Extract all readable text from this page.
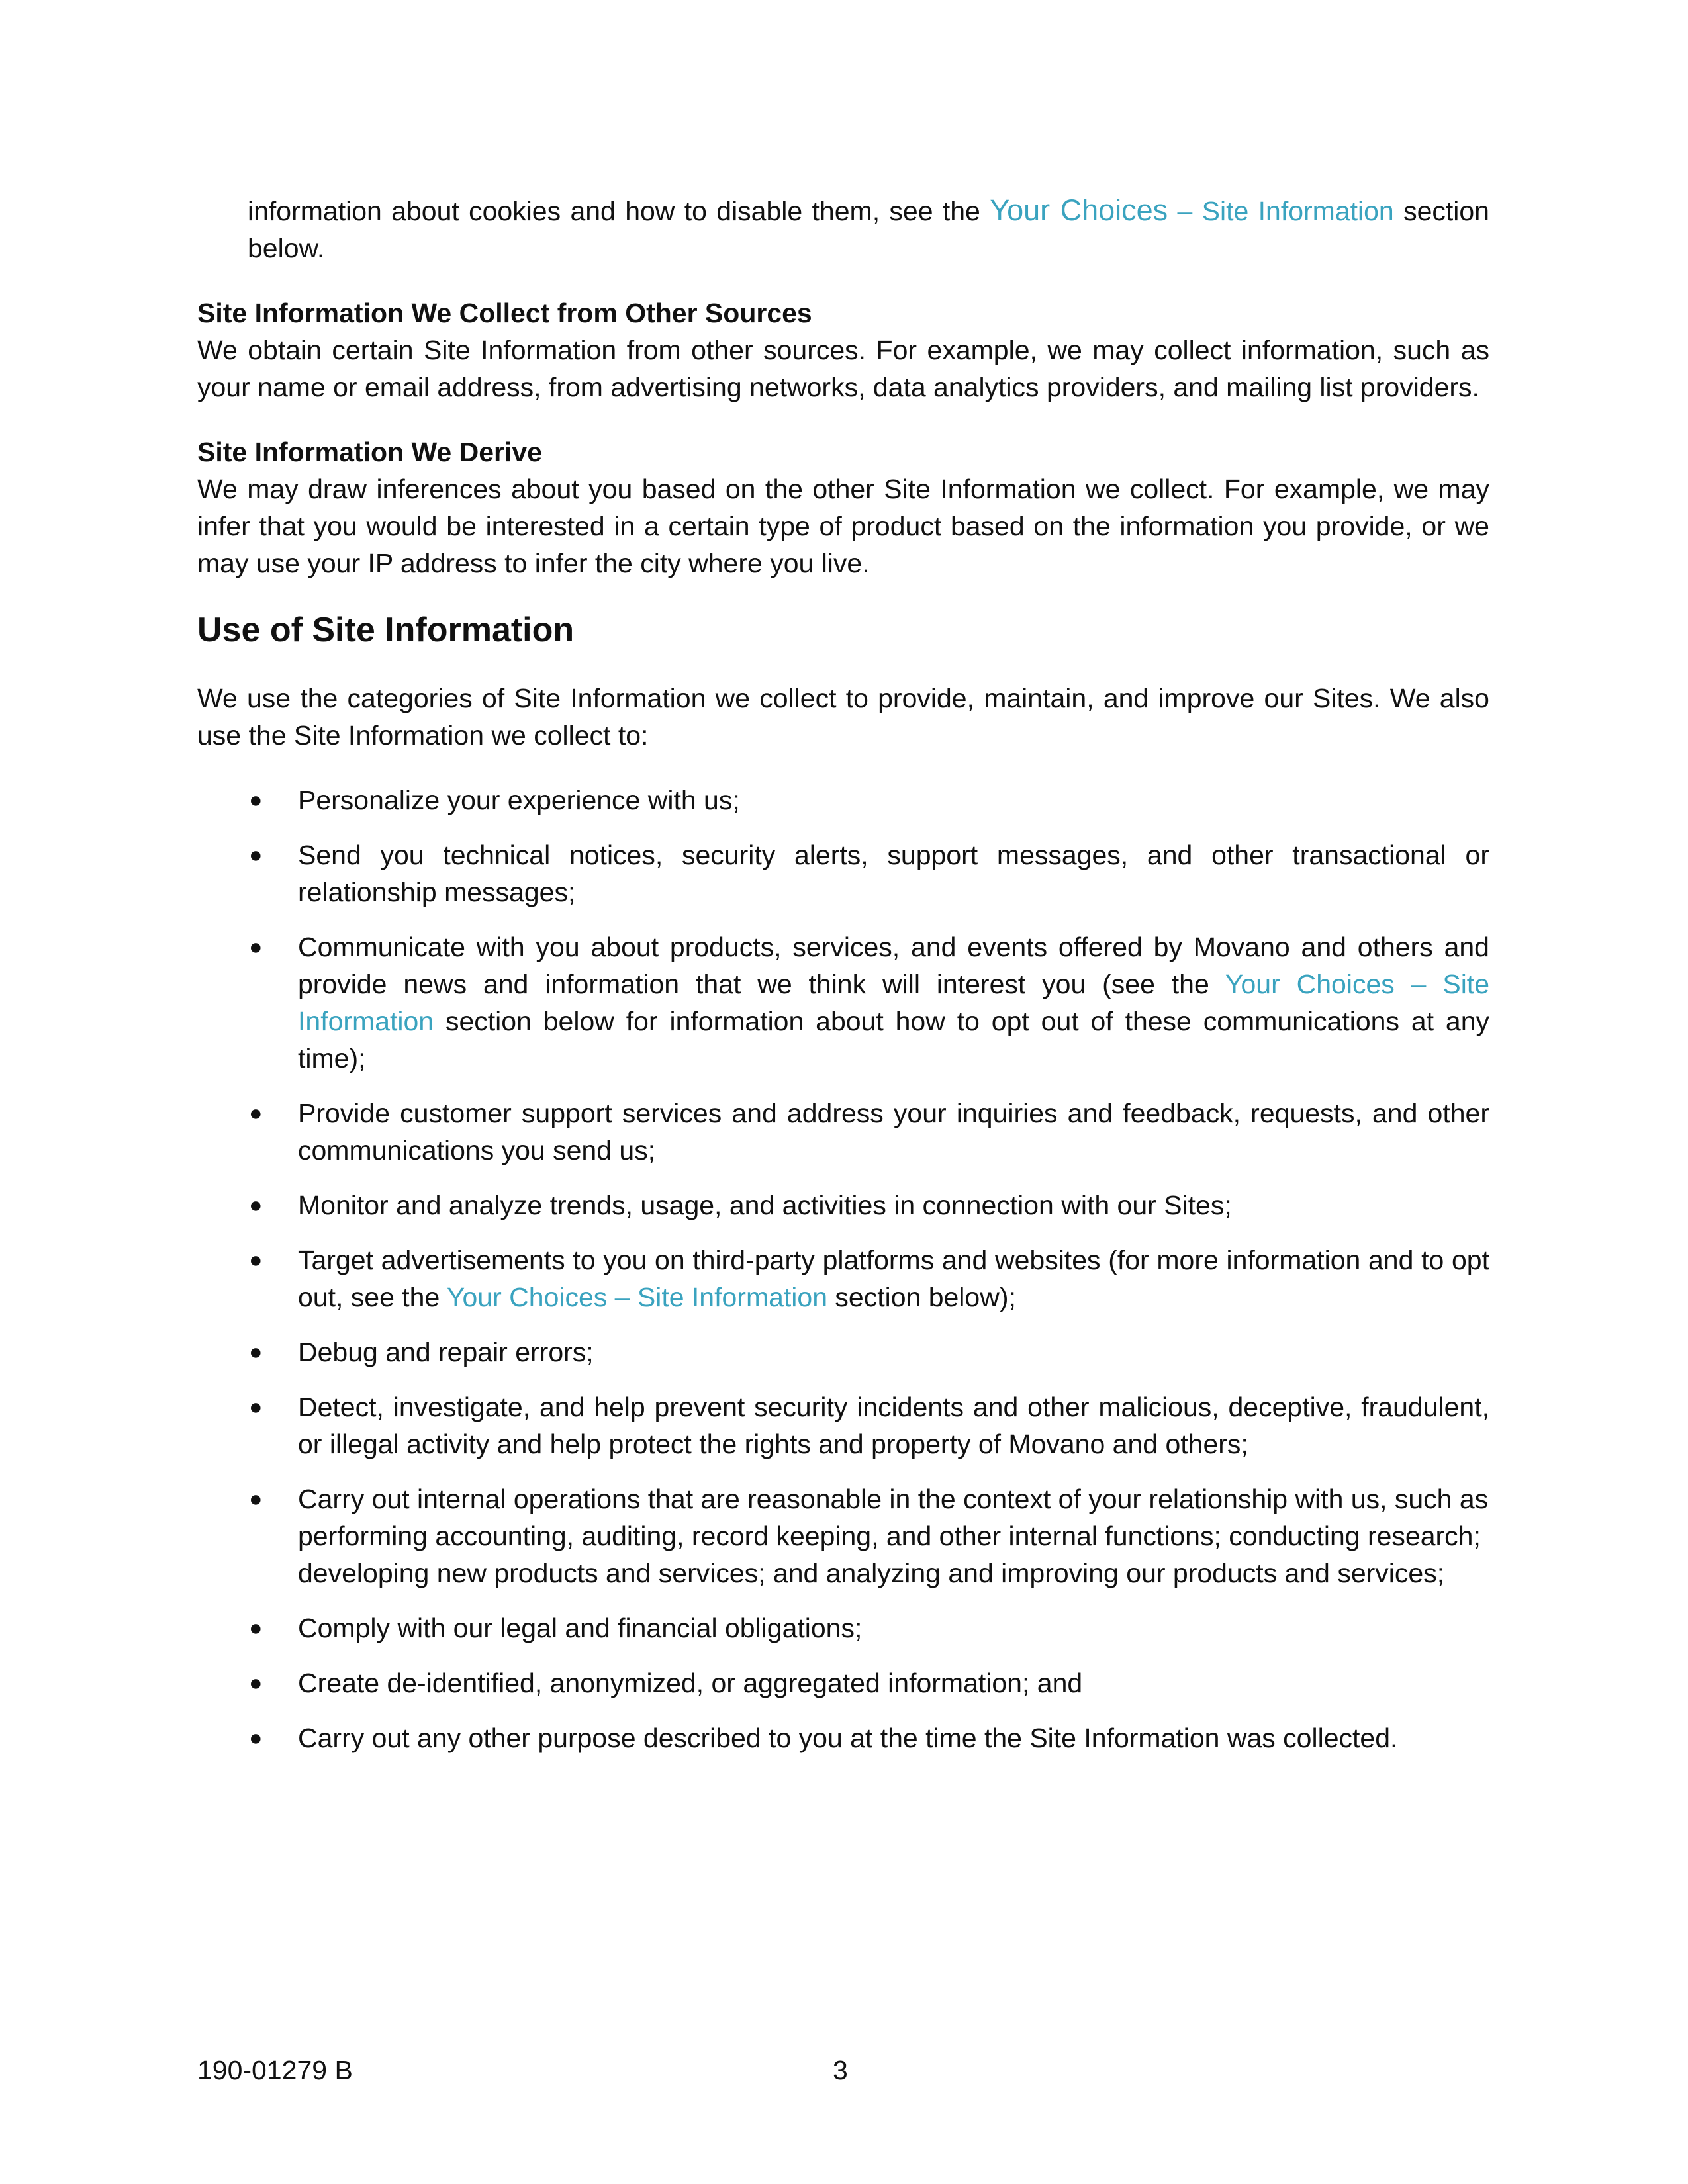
information about cookies and how to disable them, see the Your Choices – Site Information section below.

Site Information We Collect from Other Sources

We obtain certain Site Information from other sources. For example, we may collect information, such as your name or email address, from advertising networks, data analytics providers, and mailing list providers.

Site Information We Derive

We may draw inferences about you based on the other Site Information we collect. For example, we may infer that you would be interested in a certain type of product based on the information you provide, or we may use your IP address to infer the city where you live.

Use of Site Information

We use the categories of Site Information we collect to provide, maintain, and improve our Sites. We also use the Site Information we collect to:

● Personalize your experience with us;
● Send you technical notices, security alerts, support messages, and other transactional or relationship messages;
● Communicate with you about products, services, and events offered by Movano and others and provide news and information that we think will interest you (see the Your Choices – Site Information section below for information about how to opt out of these communications at any time);
● Provide customer support services and address your inquiries and feedback, requests, and other communications you send us;
● Monitor and analyze trends, usage, and activities in connection with our Sites;
● Target advertisements to you on third-party platforms and websites (for more information and to opt out, see the Your Choices – Site Information section below);
● Debug and repair errors;
● Detect, investigate, and help prevent security incidents and other malicious, deceptive, fraudulent, or illegal activity and help protect the rights and property of Movano and others;
● Carry out internal operations that are reasonable in the context of your relationship with us, such as performing accounting, auditing, record keeping, and other internal functions; conducting research; developing new products and services; and analyzing and improving our products and services;
● Comply with our legal and financial obligations;
● Create de-identified, anonymized, or aggregated information; and
● Carry out any other purpose described to you at the time the Site Information was collected.
190-01279 B	3
